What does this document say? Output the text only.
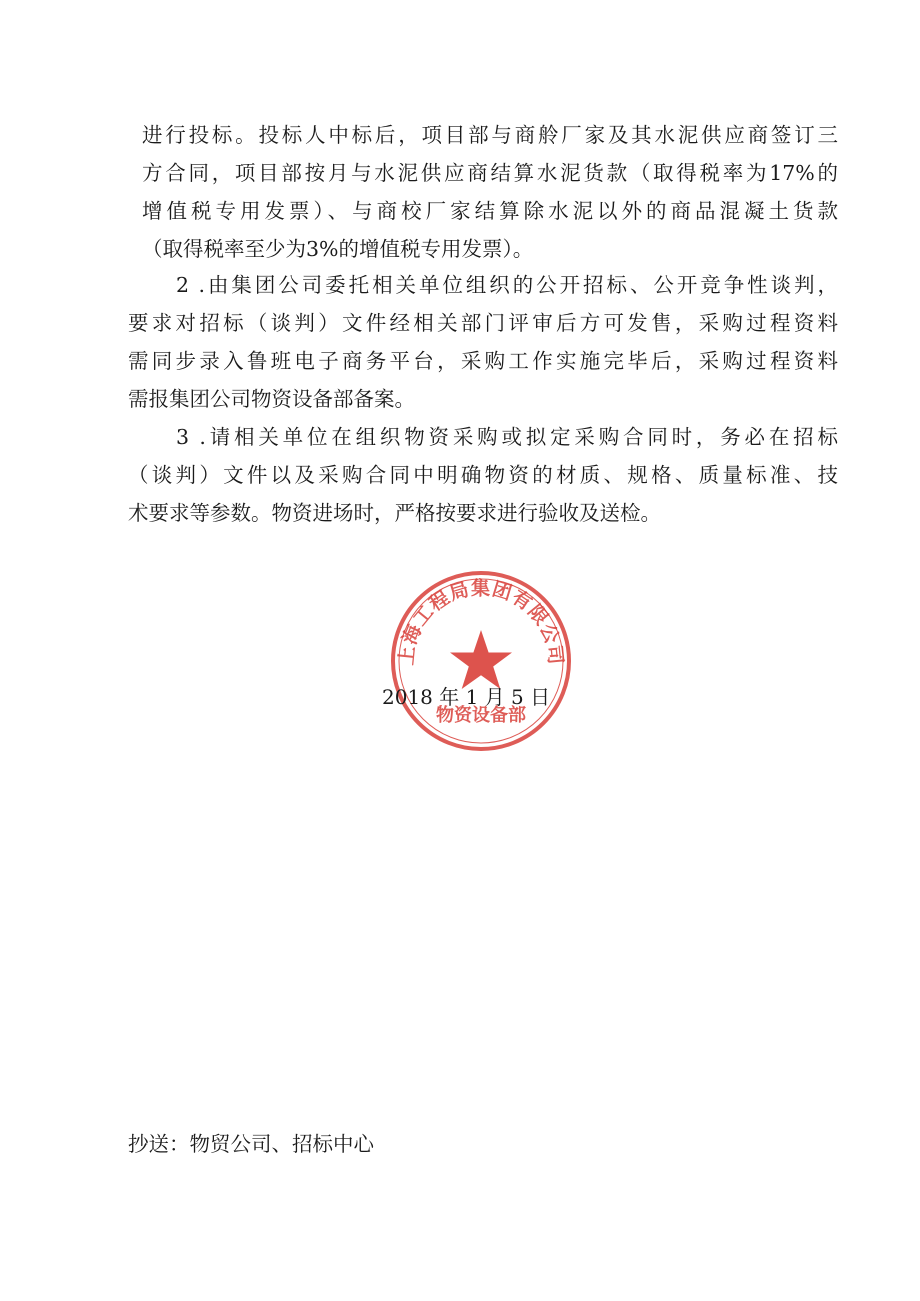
进行投标。投标人中标后，项目部与商舲厂家及其水泥供应商签订三
方合同，项目部按月与水泥供应商结算水泥货款（取得税率为17%的
增值税专用发票）、与商校厂家结算除水泥以外的商品混凝土货款
（取得税率至少为3%的增值税专用发票）。
2 .由集团公司委托相关单位组织的公开招标、公开竞争性谈判，
要求对招标（谈判）文件经相关部门评审后方可发售，采购过程资料
需同步录入鲁班电子商务平台，采购工作实施完毕后，采购过程资料
需报集团公司物资设备部备案。
3 .请相关单位在组织物资采购或拟定采购合同时，务必在招标
（谈判）文件以及采购合同中明确物资的材质、规格、质量标准、技
术要求等参数。物资进场时，严格按要求进行验收及送检。
上海工程局集团有限公司
物资设备部
2018 年 1 月 5 日
抄送：物贸公司、招标中心
